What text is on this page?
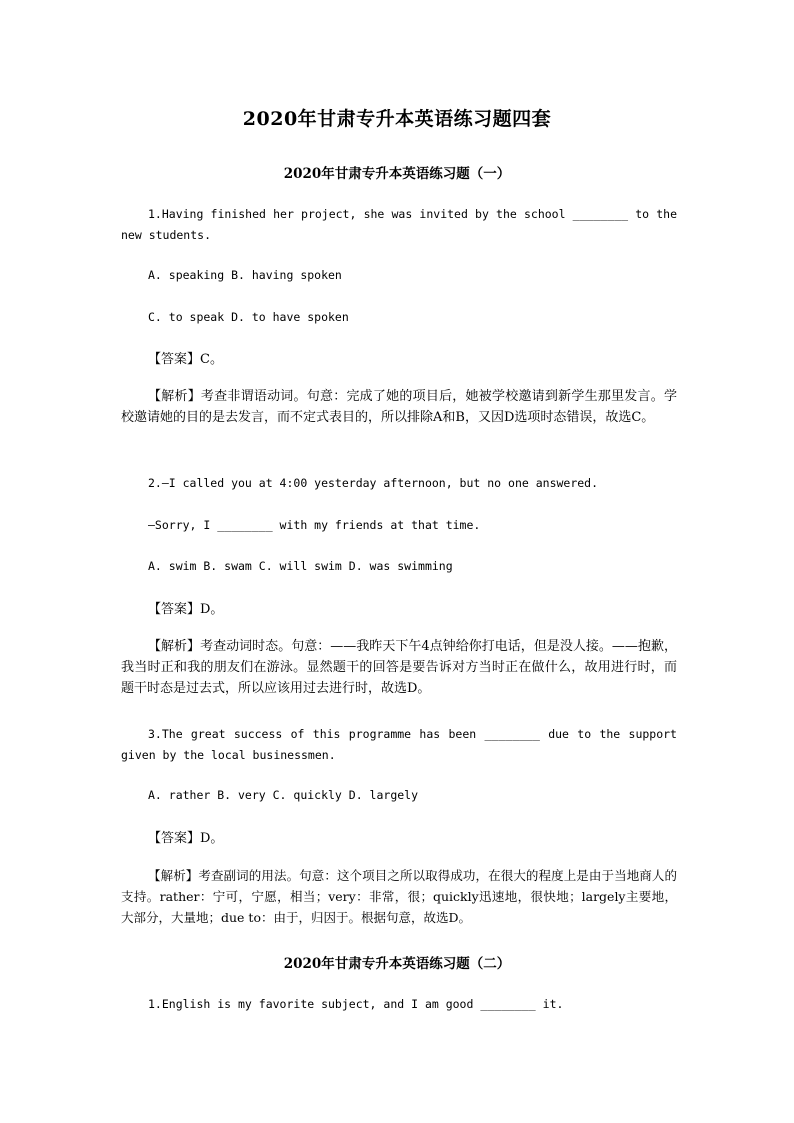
2020年甘肃专升本英语练习题四套
2020年甘肃专升本英语练习题（一）
1.Having finished her project, she was invited by the school ________ to the new students.
A. speaking B. having spoken
C. to speak D. to have spoken
【答案】C。
【解析】考查非谓语动词。句意：完成了她的项目后，她被学校邀请到新学生那里发言。学校邀请她的目的是去发言，而不定式表目的，所以排除A和B，又因D选项时态错误，故选C。
2.—I called you at 4:00 yesterday afternoon, but no one answered.
—Sorry, I ________ with my friends at that time.
A. swim B. swam C. will swim D. was swimming
【答案】D。
【解析】考查动词时态。句意：——我昨天下午4点钟给你打电话，但是没人接。——抱歉，我当时正和我的朋友们在游泳。显然题干的回答是要告诉对方当时正在做什么，故用进行时，而题干时态是过去式，所以应该用过去进行时，故选D。
3.The great success of this programme has been ________ due to the support given by the local businessmen.
A. rather B. very C. quickly D. largely
【答案】D。
【解析】考查副词的用法。句意：这个项目之所以取得成功，在很大的程度上是由于当地商人的支持。rather：宁可，宁愿，相当；very：非常，很；quickly迅速地，很快地；largely主要地，大部分，大量地；due to：由于，归因于。根据句意，故选D。
2020年甘肃专升本英语练习题（二）
1.English is my favorite subject, and I am good ________ it.
